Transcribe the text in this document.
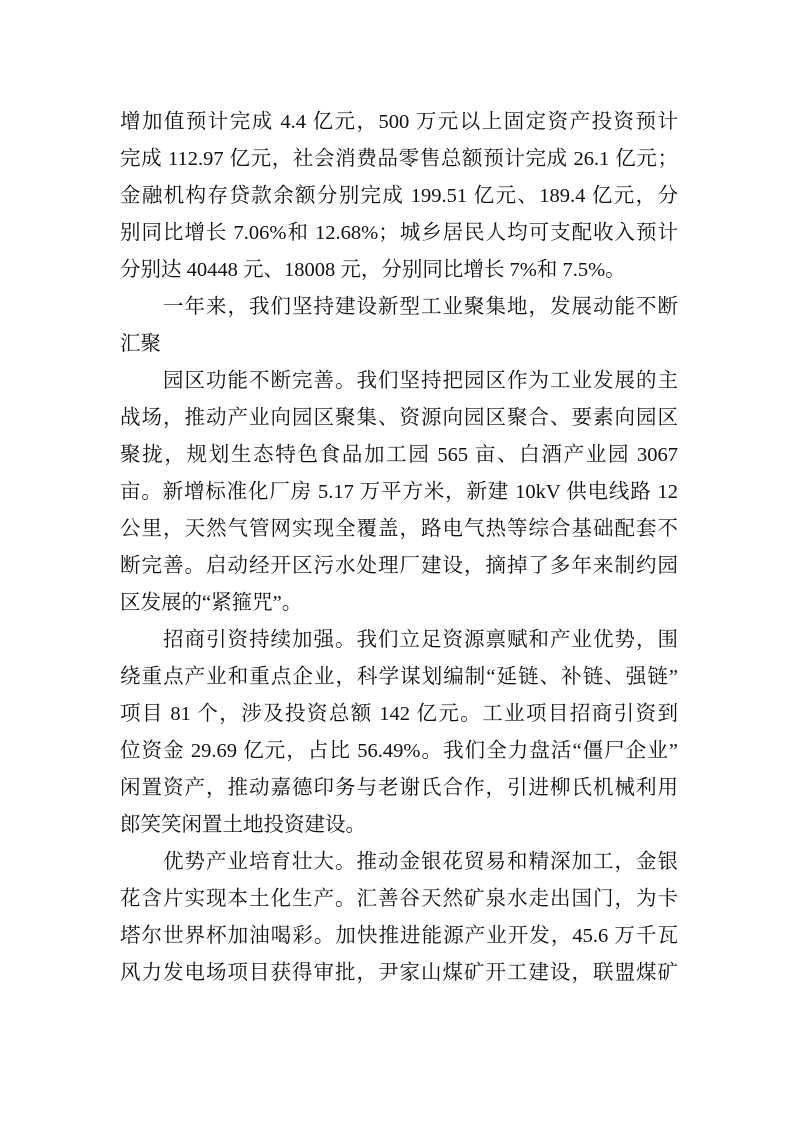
增加值预计完成 4.4 亿元，500 万元以上固定资产投资预计
完成 112.97 亿元，社会消费品零售总额预计完成 26.1 亿元；
金融机构存贷款余额分别完成 199.51 亿元、189.4 亿元，分
别同比增长 7.06%和 12.68%；城乡居民人均可支配收入预计
分别达 40448 元、18008 元，分别同比增长 7%和 7.5%。
一年来，我们坚持建设新型工业聚集地，发展动能不断
汇聚
园区功能不断完善。我们坚持把园区作为工业发展的主
战场，推动产业向园区聚集、资源向园区聚合、要素向园区
聚拢，规划生态特色食品加工园 565 亩、白酒产业园 3067
亩。新增标准化厂房 5.17 万平方米，新建 10kV 供电线路 12
公里，天然气管网实现全覆盖，路电气热等综合基础配套不
断完善。启动经开区污水处理厂建设，摘掉了多年来制约园
区发展的“紧箍咒”。
招商引资持续加强。我们立足资源禀赋和产业优势，围
绕重点产业和重点企业，科学谋划编制“延链、补链、强链”
项目 81 个，涉及投资总额 142 亿元。工业项目招商引资到
位资金 29.69 亿元，占比 56.49%。我们全力盘活“僵尸企业”
闲置资产，推动嘉德印务与老谢氏合作，引进柳氏机械利用
郎笑笑闲置土地投资建设。
优势产业培育壮大。推动金银花贸易和精深加工，金银
花含片实现本土化生产。汇善谷天然矿泉水走出国门，为卡
塔尔世界杯加油喝彩。加快推进能源产业开发，45.6 万千瓦
风力发电场项目获得审批，尹家山煤矿开工建设，联盟煤矿
